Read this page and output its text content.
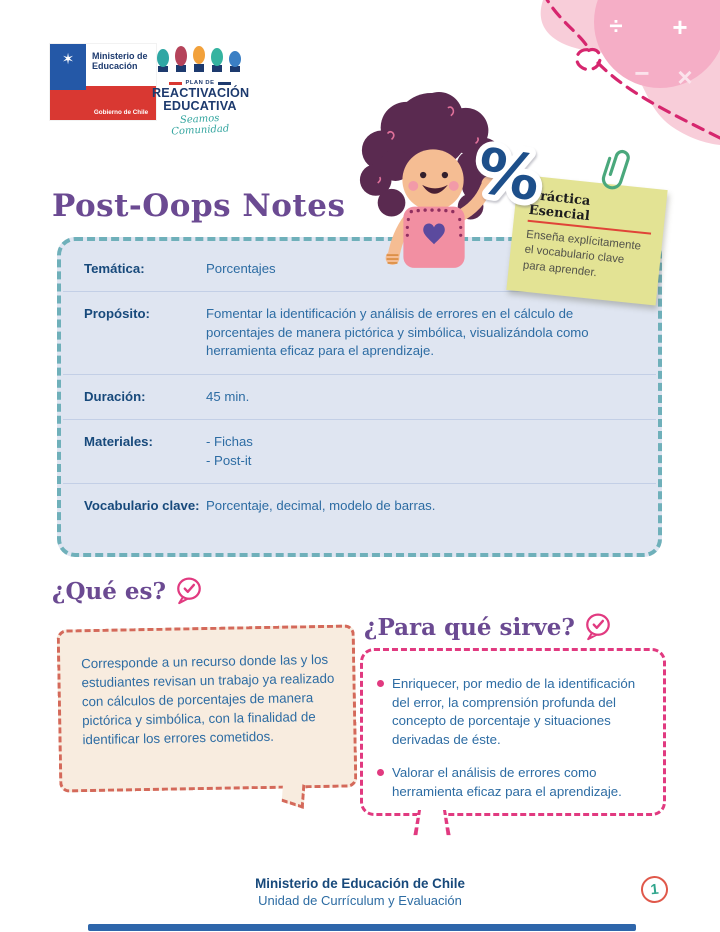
÷ +
− ×
✶	Ministerio de Educación
Gobierno de Chile
PLAN DE
REACTIVACIÓN
EDUCATIVA
Seamos Comunidad
Post-Oops Notes
Temática:	Porcentajes
Propósito:	Fomentar la identificación y análisis de errores en el cálculo de porcentajes de manera pictórica y simbólica, visualizándola como herramienta eficaz para el aprendizaje.
Duración:	45 min.
Materiales:	- Fichas
- Post-it
Vocabulario clave: Porcentaje, decimal, modelo de barras.
%
Práctica Esencial
Enseña explícitamente el vocabulario clave para aprender.
¿Qué es?

Corresponde a un recurso donde las y los estudiantes revisan un trabajo ya realizado con cálculos de porcentajes de manera pictórica y simbólica, con la finalidad de identificar los errores cometidos.

¿Para qué sirve?
Enriquecer, por medio de la identificación del error, la comprensión profunda del concepto de porcentaje y situaciones derivadas de éste.
Valorar el análisis de errores como herramienta eficaz para el aprendizaje.
Ministerio de Educación de Chile
Unidad de Currículum y Evaluación
1
